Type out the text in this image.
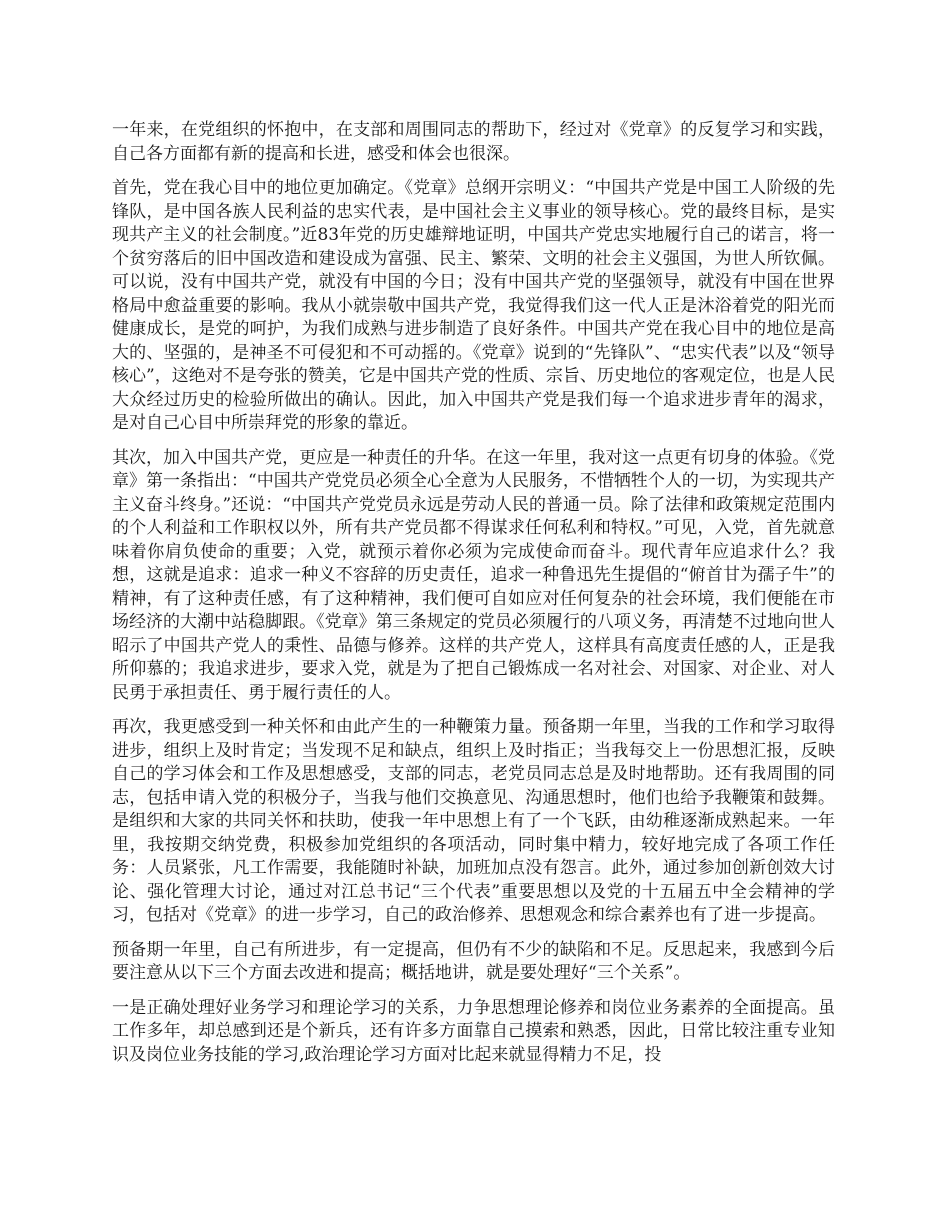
一年来，在党组织的怀抱中，在支部和周围同志的帮助下，经过对《党章》的反复学习和实践，自己各方面都有新的提高和长进，感受和体会也很深。

首先，党在我心目中的地位更加确定。《党章》总纲开宗明义：“中国共产党是中国工人阶级的先锋队，是中国各族人民利益的忠实代表，是中国社会主义事业的领导核心。党的最终目标，是实现共产主义的社会制度。”近83年党的历史雄辩地证明，中国共产党忠实地履行自己的诺言，将一个贫穷落后的旧中国改造和建设成为富强、民主、繁荣、文明的社会主义强国，为世人所钦佩。可以说，没有中国共产党，就没有中国的今日；没有中国共产党的坚强领导，就没有中国在世界格局中愈益重要的影响。我从小就崇敬中国共产党，我觉得我们这一代人正是沐浴着党的阳光而健康成长，是党的呵护，为我们成熟与进步制造了良好条件。中国共产党在我心目中的地位是高大的、坚强的，是神圣不可侵犯和不可动摇的。《党章》说到的“先锋队”、“忠实代表”以及“领导核心”，这绝对不是夸张的赞美，它是中国共产党的性质、宗旨、历史地位的客观定位，也是人民大众经过历史的检验所做出的确认。因此，加入中国共产党是我们每一个追求进步青年的渴求，是对自己心目中所崇拜党的形象的靠近。

其次，加入中国共产党，更应是一种责任的升华。在这一年里，我对这一点更有切身的体验。《党章》第一条指出：“中国共产党党员必须全心全意为人民服务，不惜牺牲个人的一切，为实现共产主义奋斗终身。”还说：“中国共产党党员永远是劳动人民的普通一员。除了法律和政策规定范围内的个人利益和工作职权以外，所有共产党员都不得谋求任何私利和特权。”可见，入党，首先就意味着你肩负使命的重要；入党，就预示着你必须为完成使命而奋斗。现代青年应追求什么？我想，这就是追求：追求一种义不容辞的历史责任，追求一种鲁迅先生提倡的“俯首甘为孺子牛”的精神，有了这种责任感，有了这种精神，我们便可自如应对任何复杂的社会环境，我们便能在市场经济的大潮中站稳脚跟。《党章》第三条规定的党员必须履行的八项义务，再清楚不过地向世人昭示了中国共产党人的秉性、品德与修养。这样的共产党人，这样具有高度责任感的人，正是我所仰慕的；我追求进步，要求入党，就是为了把自己锻炼成一名对社会、对国家、对企业、对人民勇于承担责任、勇于履行责任的人。

再次，我更感受到一种关怀和由此产生的一种鞭策力量。预备期一年里，当我的工作和学习取得进步，组织上及时肯定；当发现不足和缺点，组织上及时指正；当我每交上一份思想汇报，反映自己的学习体会和工作及思想感受，支部的同志，老党员同志总是及时地帮助。还有我周围的同志，包括申请入党的积极分子，当我与他们交换意见、沟通思想时，他们也给予我鞭策和鼓舞。是组织和大家的共同关怀和扶助，使我一年中思想上有了一个飞跃，由幼稚逐渐成熟起来。一年里，我按期交纳党费，积极参加党组织的各项活动，同时集中精力，较好地完成了各项工作任务：人员紧张，凡工作需要，我能随时补缺，加班加点没有怨言。此外，通过参加创新创效大讨论、强化管理大讨论，通过对江总书记“三个代表”重要思想以及党的十五届五中全会精神的学习，包括对《党章》的进一步学习，自己的政治修养、思想观念和综合素养也有了进一步提高。

预备期一年里，自己有所进步，有一定提高，但仍有不少的缺陷和不足。反思起来，我感到今后要注意从以下三个方面去改进和提高；概括地讲，就是要处理好“三个关系”。

一是正确处理好业务学习和理论学习的关系，力争思想理论修养和岗位业务素养的全面提高。虽工作多年，却总感到还是个新兵，还有许多方面靠自己摸索和熟悉，因此，日常比较注重专业知识及岗位业务技能的学习,政治理论学习方面对比起来就显得精力不足，投
